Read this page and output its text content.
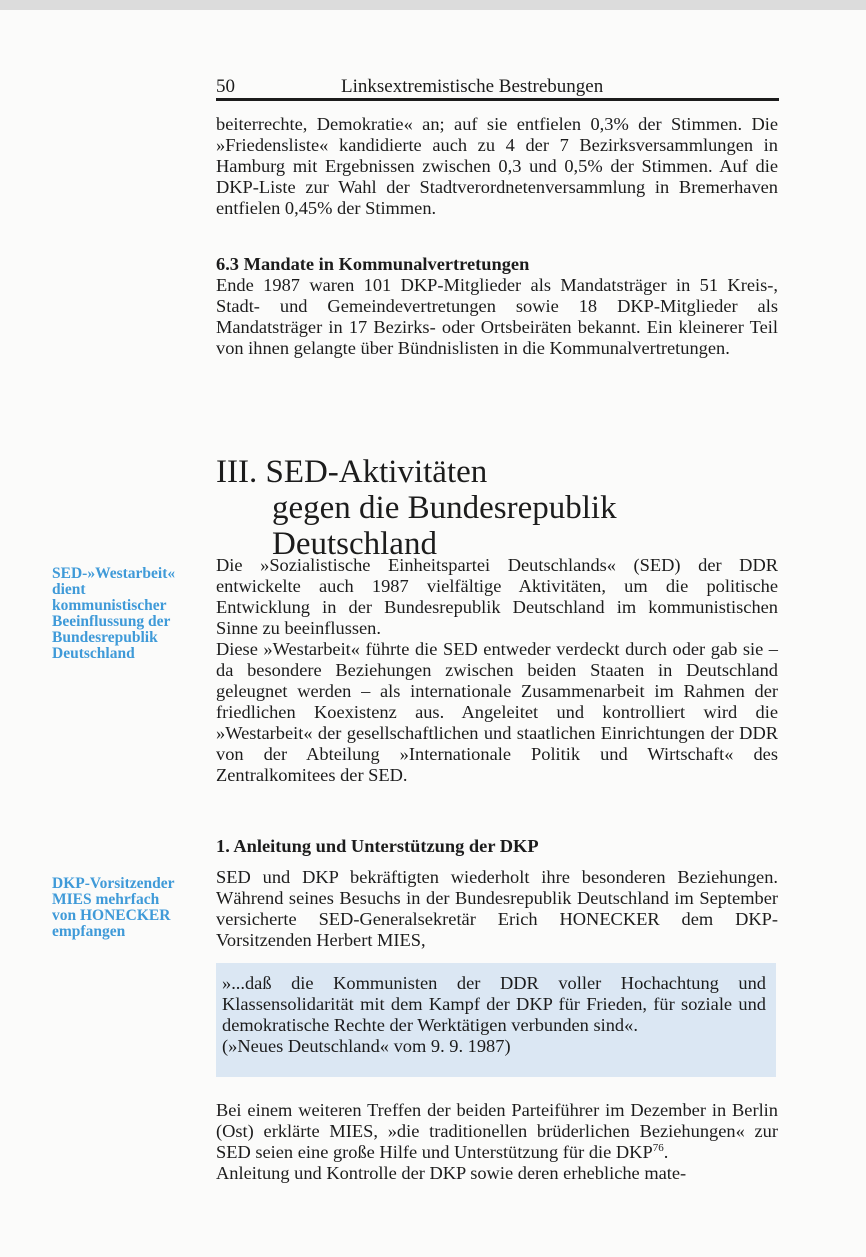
50	Linksextremistische Bestrebungen

beiterrechte, Demokratie« an; auf sie entfielen 0,3% der Stimmen. Die »Friedensliste« kandidierte auch zu 4 der 7 Bezirksversammlungen in Hamburg mit Ergebnissen zwischen 0,3 und 0,5% der Stimmen. Auf die DKP-Liste zur Wahl der Stadtverordnetenversammlung in Bremerhaven entfielen 0,45% der Stimmen.

6.3 Mandate in Kommunalvertretungen

Ende 1987 waren 101 DKP-Mitglieder als Mandatsträger in 51 Kreis-, Stadt- und Gemeindevertretungen sowie 18 DKP-Mitglieder als Mandatsträger in 17 Bezirks- oder Ortsbeiräten bekannt. Ein kleinerer Teil von ihnen gelangte über Bündnislisten in die Kommunalvertretungen.

III. SED-Aktivitäten
gegen die Bundesrepublik Deutschland
SED-»Westarbeit« dient kommunistischer Beeinflussung der Bundesrepublik Deutschland

Die »Sozialistische Einheitspartei Deutschlands« (SED) der DDR entwickelte auch 1987 vielfältige Aktivitäten, um die politische Entwicklung in der Bundesrepublik Deutschland im kommunistischen Sinne zu beeinflussen.

Diese »Westarbeit« führte die SED entweder verdeckt durch oder gab sie – da besondere Beziehungen zwischen beiden Staaten in Deutschland geleugnet werden – als internationale Zusammenarbeit im Rahmen der friedlichen Koexistenz aus. Angeleitet und kontrolliert wird die »Westarbeit« der gesellschaftlichen und staatlichen Einrichtungen der DDR von der Abteilung »Internationale Politik und Wirtschaft« des Zentralkomitees der SED.

1. Anleitung und Unterstützung der DKP

SED und DKP bekräftigten wiederholt ihre besonderen Beziehungen. Während seines Besuchs in der Bundesrepublik Deutschland im September versicherte SED-Generalsekretär Erich HONECKER dem DKP-Vorsitzenden Herbert MIES,

DKP-Vorsitzender MIES mehrfach von HONECKER empfangen
»...daß die Kommunisten der DDR voller Hochachtung und Klassensolidarität mit dem Kampf der DKP für Frieden, für soziale und demokratische Rechte der Werktätigen verbunden sind«.
(»Neues Deutschland« vom 9. 9. 1987)

Bei einem weiteren Treffen der beiden Parteiführer im Dezember in Berlin (Ost) erklärte MIES, »die traditionellen brüderlichen Beziehungen« zur SED seien eine große Hilfe und Unterstützung für die DKP$^{76}$.

Anleitung und Kontrolle der DKP sowie deren erhebliche mate-
